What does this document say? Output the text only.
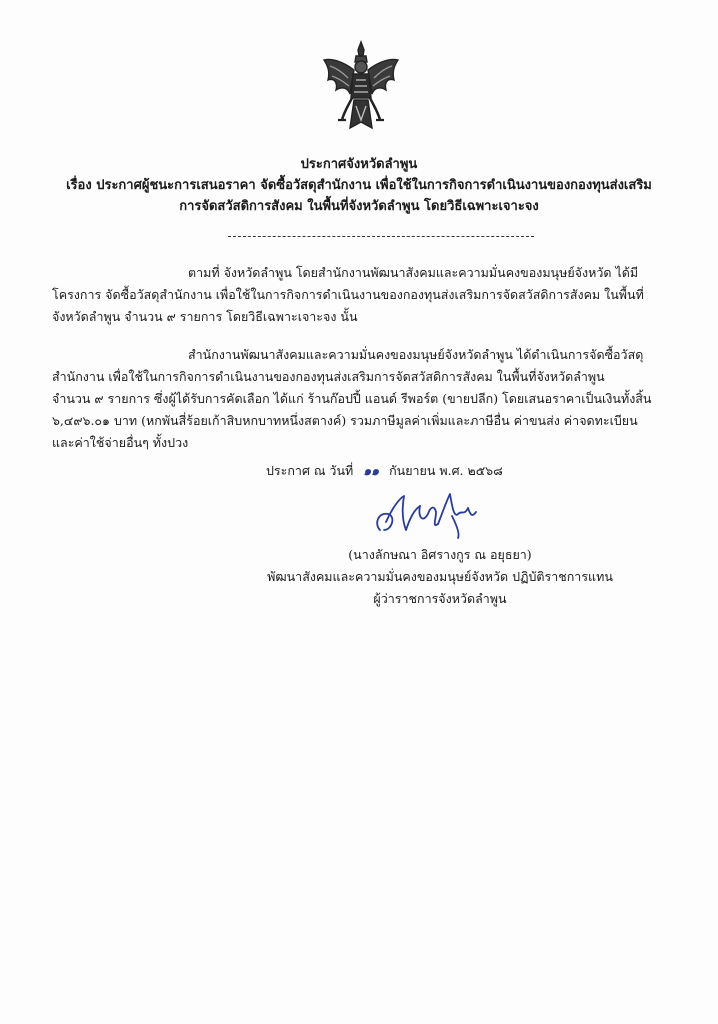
ประกาศจังหวัดลำพูน
เรื่อง ประกาศผู้ชนะการเสนอราคา จัดซื้อวัสดุสำนักงาน เพื่อใช้ในการกิจการดำเนินงานของกองทุนส่งเสริม
การจัดสวัสดิการสังคม ในพื้นที่จังหวัดลำพูน โดยวิธีเฉพาะเจาะจง
ตามที่ จังหวัดลำพูน โดยสำนักงานพัฒนาสังคมและความมั่นคงของมนุษย์จังหวัด ได้มี
โครงการ จัดซื้อวัสดุสำนักงาน เพื่อใช้ในการกิจการดำเนินงานของกองทุนส่งเสริมการจัดสวัสดิการสังคม ในพื้นที่
จังหวัดลำพูน จำนวน ๙ รายการ โดยวิธีเฉพาะเจาะจง นั้น
สำนักงานพัฒนาสังคมและความมั่นคงของมนุษย์จังหวัดลำพูน ได้ดำเนินการจัดซื้อวัสดุ
สำนักงาน เพื่อใช้ในการกิจการดำเนินงานของกองทุนส่งเสริมการจัดสวัสดิการสังคม ในพื้นที่จังหวัดลำพูน
จำนวน ๙ รายการ ซึ่งผู้ได้รับการคัดเลือก ได้แก่ ร้านก๊อปปี้ แอนด์ รีพอร์ต (ขายปลีก) โดยเสนอราคาเป็นเงินทั้งสิ้น
๖,๔๙๖.๐๑ บาท (หกพันสี่ร้อยเก้าสิบหกบาทหนึ่งสตางค์) รวมภาษีมูลค่าเพิ่มและภาษีอื่น ค่าขนส่ง ค่าจดทะเบียน
และค่าใช้จ่ายอื่นๆ ทั้งปวง
ประกาศ ณ วันที่ ๑๑ กันยายน พ.ศ. ๒๕๖๘
(นางลักษณา อิศรางกูร ณ อยุธยา)
พัฒนาสังคมและความมั่นคงของมนุษย์จังหวัด ปฏิบัติราชการแทน
ผู้ว่าราชการจังหวัดลำพูน
